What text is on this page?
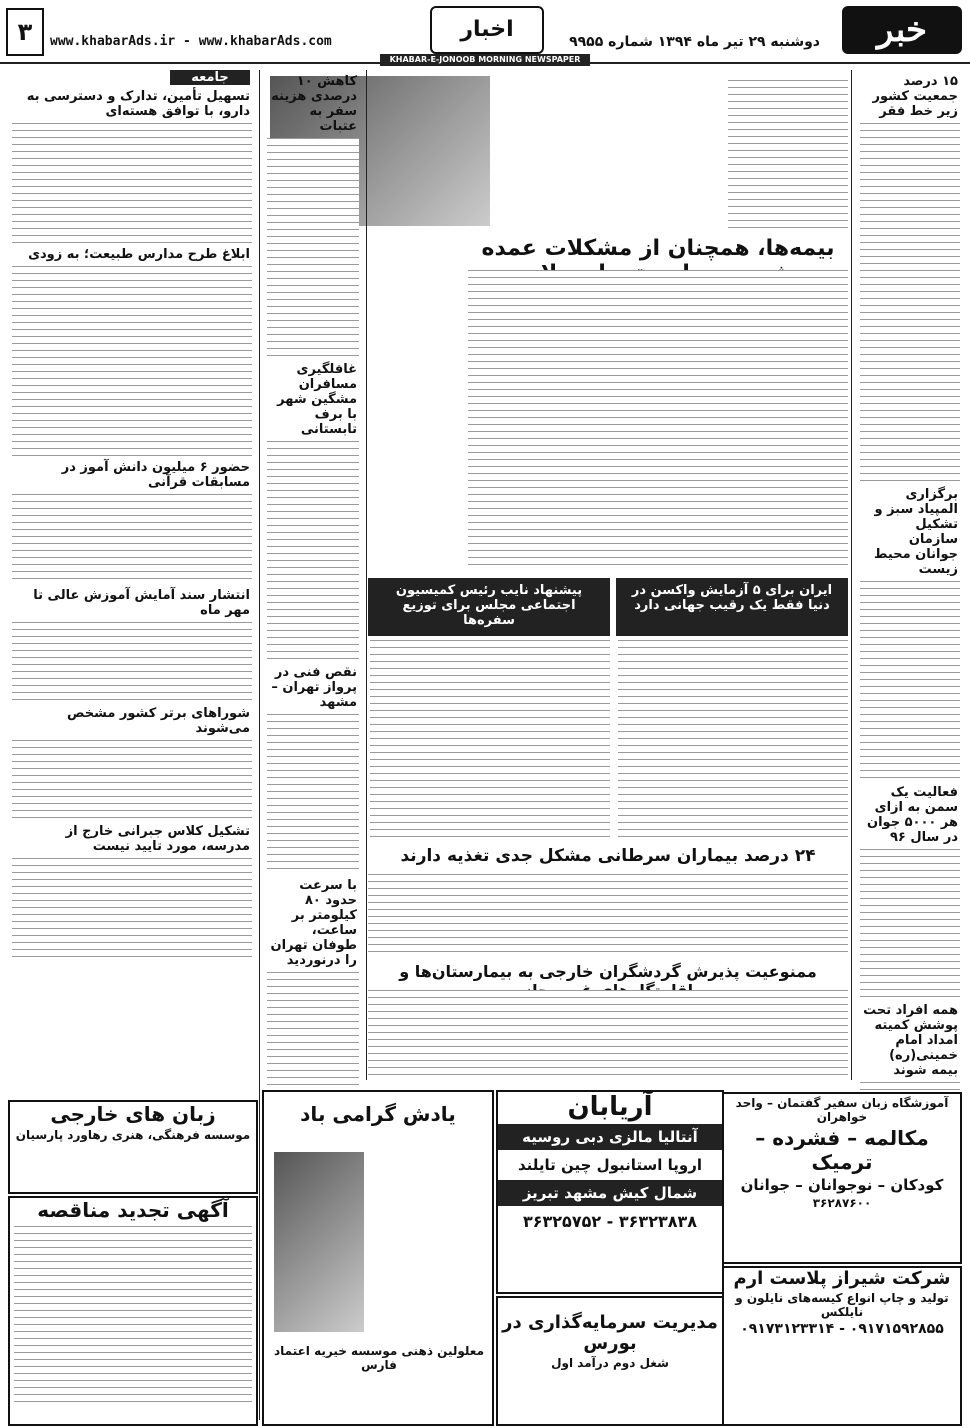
خبر
دوشنبه ۲۹ تیر ماه ۱۳۹۴ شماره ۹۹۵۵
اخبار
www.khabarAds.ir - www.khabarAds.com
۳
KHABAR-E-JONOOB MORNING NEWSPAPER
۱۵ درصد جمعیت کشور زیر خط فقر
برگزاری المپیاد سبز و تشکیل سازمان جوانان محیط زیست
فعالیت یک سمن به ازای هر ۵۰۰۰ جوان در سال ۹۶
همه افراد تحت پوشش کمیته امداد امام خمینی(ره) بیمه شوند
بیمه‌ها، همچنان از مشکلات عمده
کاهش ۱۰ درصدی هزینه سفر به عتبات
غافلگیری مسافران مشگین شهر با برف تابستانی
نقص فنی در پرواز تهران – مشهد
با سرعت حدود ۸۰ کیلومتر بر ساعت، طوفان تهران را درنوردید
ایران برای ۵ آزمایش واکسن در دنیا فقط یک رقیب جهانی دارد
پیشنهاد نایب رئیس کمیسیون اجتماعی مجلس برای توزیع سفره‌ها
۲۴ درصد بیماران سرطانی مشکل جدی تغذیه دارند
ممنوعیت پذیرش گردشگران خارجی به بیمارستان‌ها و
جامعه
تسهیل تأمین، تدارک و دسترسی به دارو، با توافق هسته‌ای
ابلاغ طرح مدارس طبیعت؛ به زودی
حضور ۶ میلیون دانش آموز در مسابقات قرآنی
انتشار سند آمایش آموزش عالی تا مهر ماه
شوراهای برتر کشور مشخص می‌شوند
تشکیل کلاس جبرانی خارج از مدرسه، مورد تایید نیست
زبان های خارجی
موسسه فرهنگی، هنری رهاورد پارسیان
آگهی تجدید مناقصه
یادش گرامی باد
معلولین ذهنی موسسه خیریه اعتماد فارس
آریابان
آنتالیا مالزی دبی روسیه
اروپا استانبول چین تایلند
شمال کیش مشهد تبریز
۳۶۳۲۳۸۳۸ - ۳۶۳۲۵۷۵۲
مدیریت سرمایه‌گذاری در بورس
شغل دوم درآمد اول
آموزشگاه زبان سفیر گفتمان – واحد خواهران
مکالمه – فشرده – ترمیک
کودکان – نوجوانان – جوانان
۳۶۲۸۷۶۰۰
شرکت شیراز پلاست ارم
تولید و چاپ انواع کیسه‌های نایلون و نایلکس
۰۹۱۷۱۵۹۲۸۵۵ - ۰۹۱۷۳۱۲۳۳۱۴
